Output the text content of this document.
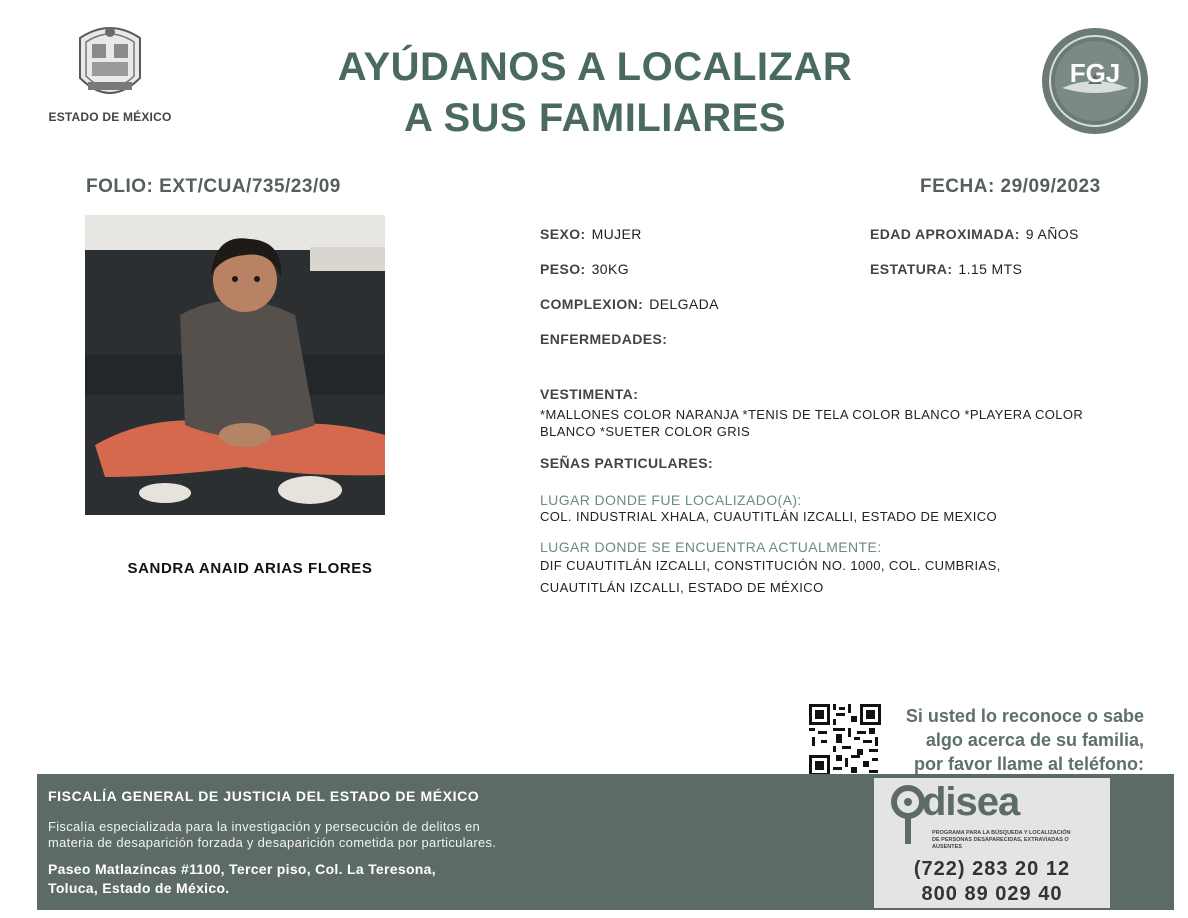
ESTADO DE MÉXICO
AYÚDANOS A LOCALIZAR
A SUS FAMILIARES
FGJ
FOLIO: EXT/CUA/735/23/09	FECHA: 29/09/2023
SANDRA ANAID ARIAS FLORES
SEXO: MUJER	EDAD APROXIMADA: 9 AÑOS
PESO: 30KG	ESTATURA: 1.15 MTS
COMPLEXION: DELGADA
ENFERMEDADES:
VESTIMENTA:
*MALLONES COLOR NARANJA *TENIS DE TELA COLOR BLANCO *PLAYERA COLOR
BLANCO *SUETER COLOR GRIS
SEÑAS PARTICULARES:
LUGAR DONDE FUE LOCALIZADO(A):
COL. INDUSTRIAL XHALA, CUAUTITLÁN IZCALLI, ESTADO DE MEXICO
LUGAR DONDE SE ENCUENTRA ACTUALMENTE:
DIF CUAUTITLÁN IZCALLI, CONSTITUCIÓN NO. 1000, COL. CUMBRIAS,
CUAUTITLÁN IZCALLI, ESTADO DE MÉXICO
Si usted lo reconoce o sabe
algo acerca de su familia,
por favor llame al teléfono:
FISCALÍA GENERAL DE JUSTICIA DEL ESTADO DE MÉXICO
Fiscalía especializada para la investigación y persecución de delitos en
materia de desaparición forzada y desaparición cometida por particulares.
Paseo Matlazíncas #1100, Tercer piso, Col. La Teresona,
Toluca, Estado de México.
disea
PROGRAMA PARA LA BÚSQUEDA Y LOCALIZACIÓN
DE PERSONAS DESAPARECIDAS, EXTRAVIADAS O
AUSENTES
(722) 283 20 12
800 89 029 40
